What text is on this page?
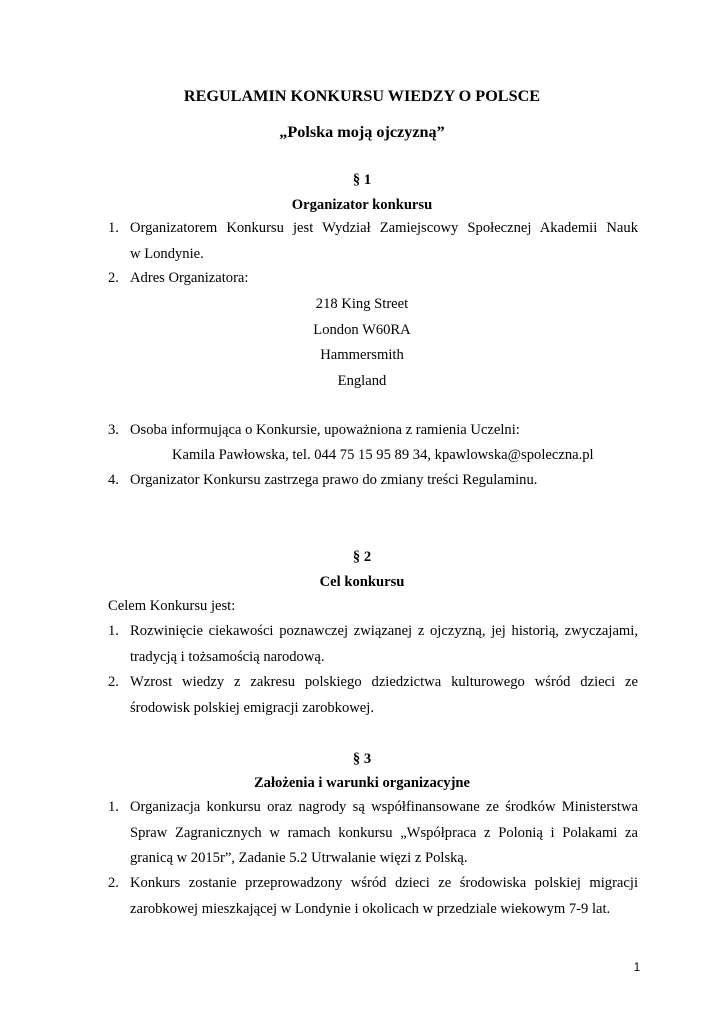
REGULAMIN KONKURSU WIEDZY O POLSCE
„Polska moją ojczyzną”
§ 1
Organizator konkursu
1. Organizatorem Konkursu jest Wydział Zamiejscowy Społecznej Akademii Nauk
w Londynie.
2. Adres Organizatora:
218 King Street
London W60RA
Hammersmith
England
3. Osoba informująca o Konkursie, upoważniona z ramienia Uczelni:
Kamila Pawłowska, tel. 044 75 15 95 89 34, kpawlowska@spoleczna.pl
4. Organizator Konkursu zastrzega prawo do zmiany treści Regulaminu.
§ 2
Cel konkursu
Celem Konkursu jest:
1. Rozwinięcie ciekawości poznawczej związanej z ojczyzną, jej historią, zwyczajami,
tradycją i tożsamością narodową.
2. Wzrost wiedzy z zakresu polskiego dziedzictwa kulturowego wśród dzieci ze
środowisk polskiej emigracji zarobkowej.
§ 3
Założenia i warunki organizacyjne
1. Organizacja konkursu oraz nagrody są współfinansowane ze środków Ministerstwa
Spraw Zagranicznych w ramach konkursu „Współpraca z Polonią i Polakami za
granicą w 2015r”, Zadanie 5.2 Utrwalanie więzi z Polską.
2. Konkurs zostanie przeprowadzony wśród dzieci ze środowiska polskiej migracji
zarobkowej mieszkającej w Londynie i okolicach w przedziale wiekowym 7-9 lat.
1
